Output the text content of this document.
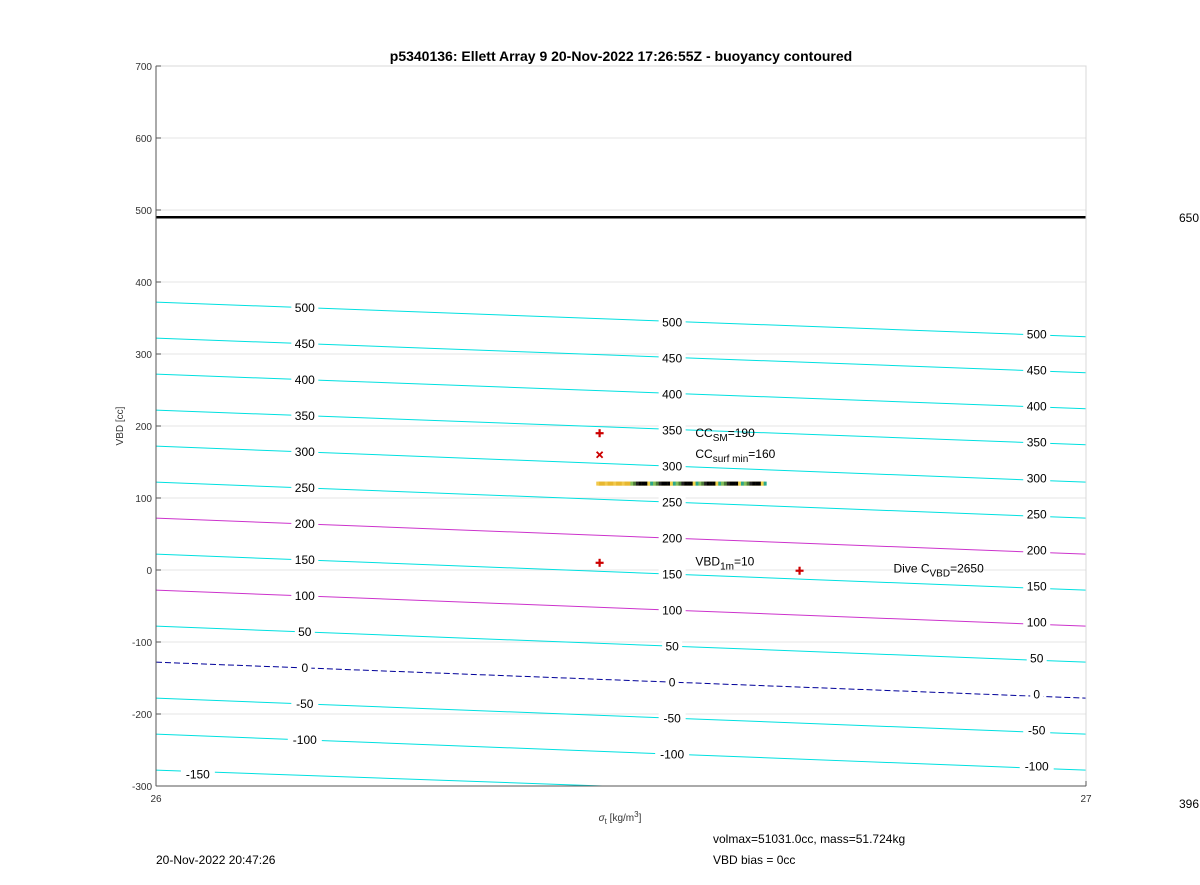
p5340136: Ellett Array 9 20-Nov-2022 17:26:55Z - buoyancy contoured
500
450
400
350
300
250
200
150
100
50
0
-50
-100
-150
500
450
400
350
300
250
200
150
100
50
0
-50
-100
500
450
400
350
300
250
200
150
100
50
0
-50
-100
700
600
500
400
300
200
100
0
-100
-200
-300
26	27
VBD [cc]
$\sigma_t$ $[kg/m^3]$
$CC_{SM}=190$
$CC_{surf min}=160$
$VBD_{1m}=10$
Dive $C_{VBD}=2650$
650
396
20-Nov-2022 20:47:26
volmax=51031.0cc, mass=51.724kg
VBD bias = 0cc
